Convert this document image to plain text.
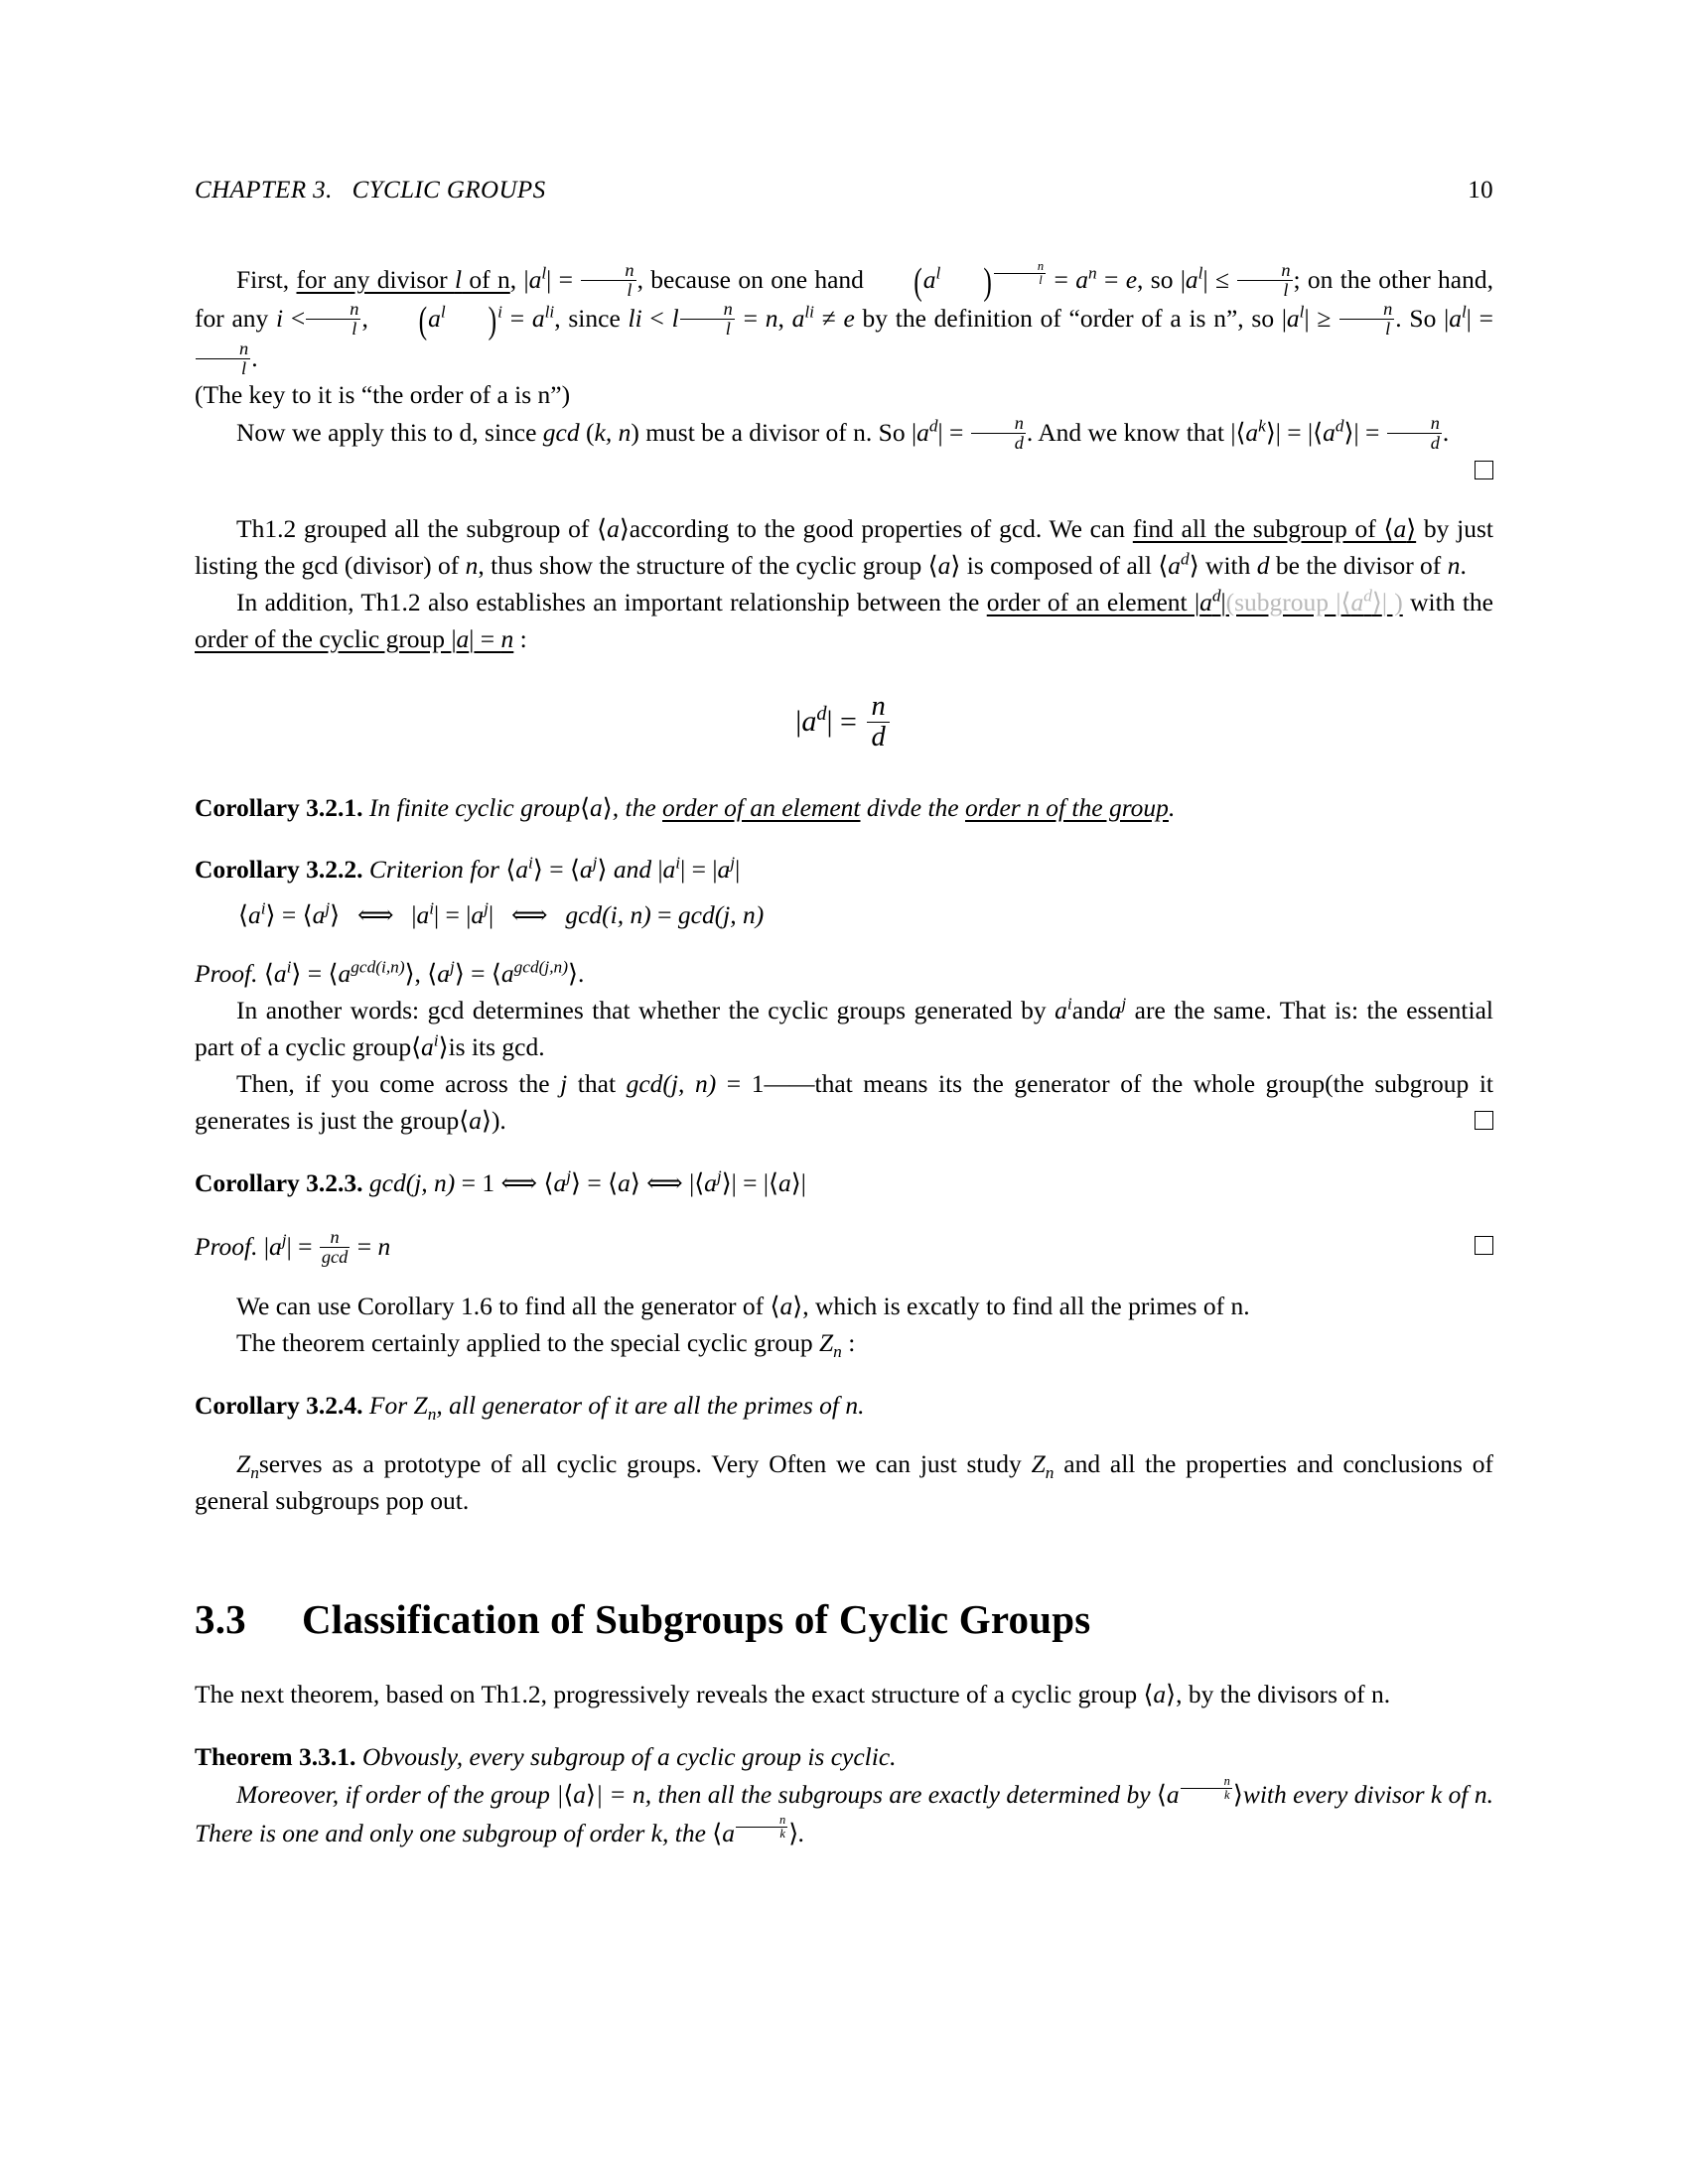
CHAPTER 3.   CYCLIC GROUPS	10

First, for any divisor l of n, $|a^l| = \frac{n}{l}$ , because on one hand ($a^l$ ) $^{\frac{n}{l}} = a^n = e$, so $|a^l| \le \frac{n}{l}$ ; on the other hand, for any $i < \frac{n}{l}$ , ($a^l$ )$^i = a^{li}$, since li < l $\frac{n}{l} = n$, $a^{li} \ne e$ by the definition of “order of a is n”, so $|a^l| \ge \frac{n}{l}$ . So $|a^l|$ =
$\frac{n}{l}$ .

(The key to it is “the order of a is n”)

Now we apply this to d, since gcd (k, n) must be a divisor of n. So $|a^d| = \frac{n}{d}$ . And we know that $|⟨a^k⟩|$ = $|⟨a^d⟩| = \frac{n}{d}$ .

Th1.2 grouped all the subgroup of ⟨a⟩according to the good properties of gcd. We can find all the subgroup of ⟨a⟩ by just listing the gcd (divisor) of n, thus show the structure of the cyclic group ⟨a⟩ is composed of all $⟨a^d⟩$ with d be the divisor of n.

In addition, Th1.2 also establishes an important relationship between the order of an element $|a^d|(subgroup$ $|⟨a^d⟩|$ ) with the order of the cyclic group |a| = n :

$|a^d| = \frac{n}{d}$
Corollary 3.2.1. In finite cyclic group⟨a⟩, the order of an element divde the order n of the group.
Corollary 3.2.2. Criterion for $⟨a^i⟩$ = $⟨a^j⟩$ and $|a^i| = |a^j|$
$⟨a^i⟩$ = $⟨a^j⟩$ ⟺ $|a^i| = |a^j|$ ⟺ gcd(i, n) = gcd(j, n)
Proof. $⟨a^i⟩$ = $⟨a^{gcd(i,n)}⟩$, $⟨a^j⟩$ = $⟨a^{gcd(j,n)}⟩$.

In another words: gcd determines that whether the cyclic groups generated by $a^ianda^j$ are the same. That is: the essential part of a cyclic $group⟨a^i⟩is$ its gcd.

Then, if you come across the j that gcd(j, n) = 1——that means its the generator of the whole group(the subgroup it generates is just the group⟨a⟩).

Corollary 3.2.3. gcd(j, n) = 1 ⟺ $⟨a^j⟩$ = ⟨a⟩ ⟺ $|⟨a^j⟩|$ = |⟨a⟩|
Proof. $|a^j| = \frac{n}{\gcd} = n$

We can use Corollary 1.6 to find all the generator of ⟨a⟩, which is excatly to find all the primes of n.

The theorem certainly applied to the special cyclic group $Z_n$ :

Corollary 3.2.4. For $Z_n$, all generator of it are all the primes of n.

$Z_nserves$ as a prototype of all cyclic groups. Very Often we can just study $Z_n$ and all the properties and conclusions of general subgroups pop out.

3.3	Classification of Subgroups of Cyclic Groups

The next theorem, based on Th1.2, progressively reveals the exact structure of a cyclic group ⟨a⟩, by the divisors of n.

Theorem 3.3.1. Obvously, every subgroup of a cyclic group is cyclic.
Moreover, if order of the group |⟨a⟩| = n, then all the subgroups are exactly determined by ⟨a $^{\frac{n}{k}}$ ⟩with every divisor k of n. There is one and only one subgroup of order k, the ⟨a $^{\frac{n}{k}}$ ⟩.
